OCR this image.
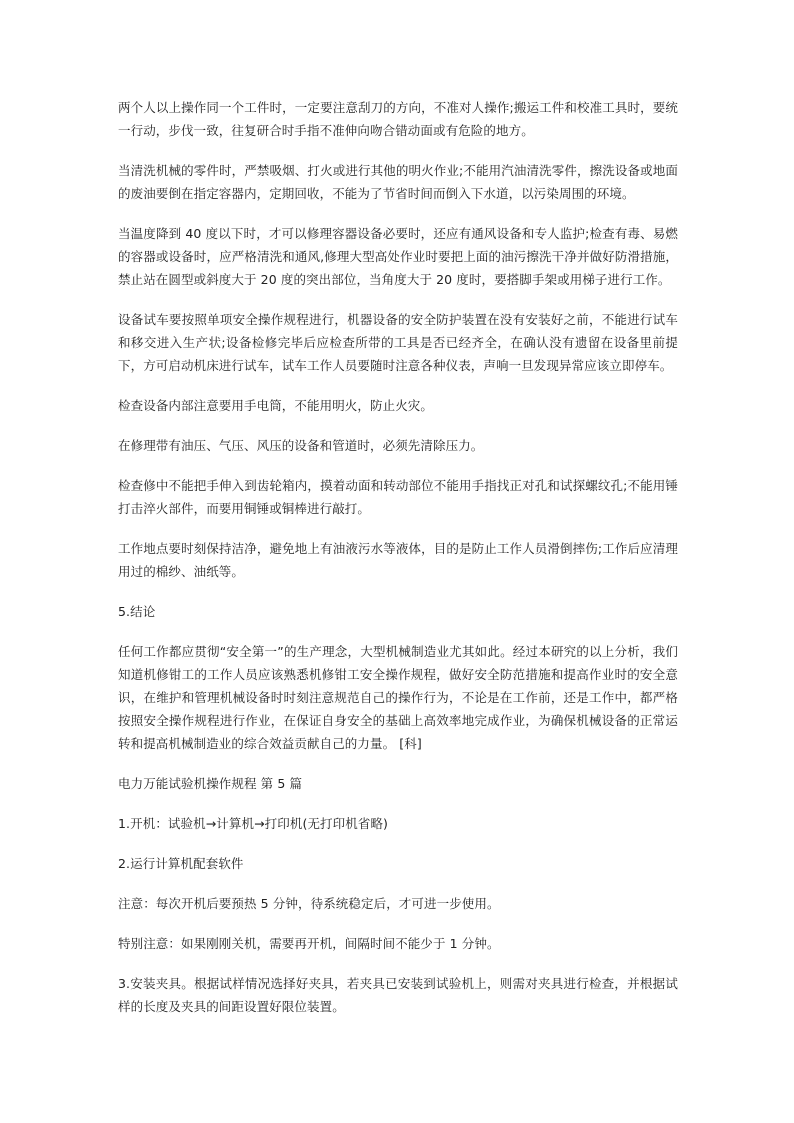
两个人以上操作同一个工件时，一定要注意刮刀的方向，不准对人操作;搬运工件和校准工具时，要统一行动，步伐一致，往复研合时手指不准伸向吻合错动面或有危险的地方。

当清洗机械的零件时，严禁吸烟、打火或进行其他的明火作业;不能用汽油清洗零件，擦洗设备或地面的废油要倒在指定容器内，定期回收，不能为了节省时间而倒入下水道，以污染周围的环境。

当温度降到 40 度以下时，才可以修理容器设备必要时，还应有通风设备和专人监护;检查有毒、易燃的容器或设备时，应严格清洗和通风,修理大型高处作业时要把上面的油污擦洗干净并做好防滑措施，禁止站在圆型或斜度大于 20 度的突出部位，当角度大于 20 度时，要搭脚手架或用梯子进行工作。

设备试车要按照单项安全操作规程进行，机器设备的安全防护装置在没有安装好之前，不能进行试车和移交进入生产状;设备检修完毕后应检查所带的工具是否已经齐全，在确认没有遗留在设备里前提下，方可启动机床进行试车，试车工作人员要随时注意各种仪表，声响一旦发现异常应该立即停车。

检查设备内部注意要用手电筒，不能用明火，防止火灾。

在修理带有油压、气压、风压的设备和管道时，必须先清除压力。

检查修中不能把手伸入到齿轮箱内，摸着动面和转动部位不能用手指找正对孔和试探螺纹孔;不能用锤打击淬火部件，而要用铜锤或铜棒进行敲打。

工作地点要时刻保持洁净，避免地上有油液污水等液体，目的是防止工作人员滑倒摔伤;工作后应清理用过的棉纱、油纸等。

5.结论

任何工作都应贯彻“安全第一”的生产理念，大型机械制造业尤其如此。经过本研究的以上分析，我们知道机修钳工的工作人员应该熟悉机修钳工安全操作规程，做好安全防范措施和提高作业时的安全意识，在维护和管理机械设备时时刻注意规范自己的操作行为，不论是在工作前，还是工作中，都严格按照安全操作规程进行作业，在保证自身安全的基础上高效率地完成作业，为确保机械设备的正常运转和提高机械制造业的综合效益贡献自己的力量。 [科]

电力万能试验机操作规程 第 5 篇

1.开机：试验机→计算机→打印机(无打印机省略)

2.运行计算机配套软件

注意：每次开机后要预热 5 分钟，待系统稳定后，才可进一步使用。

特别注意：如果刚刚关机，需要再开机，间隔时间不能少于 1 分钟。

3.安装夹具。根据试样情况选择好夹具，若夹具已安装到试验机上，则需对夹具进行检查，并根据试样的长度及夹具的间距设置好限位装置。
